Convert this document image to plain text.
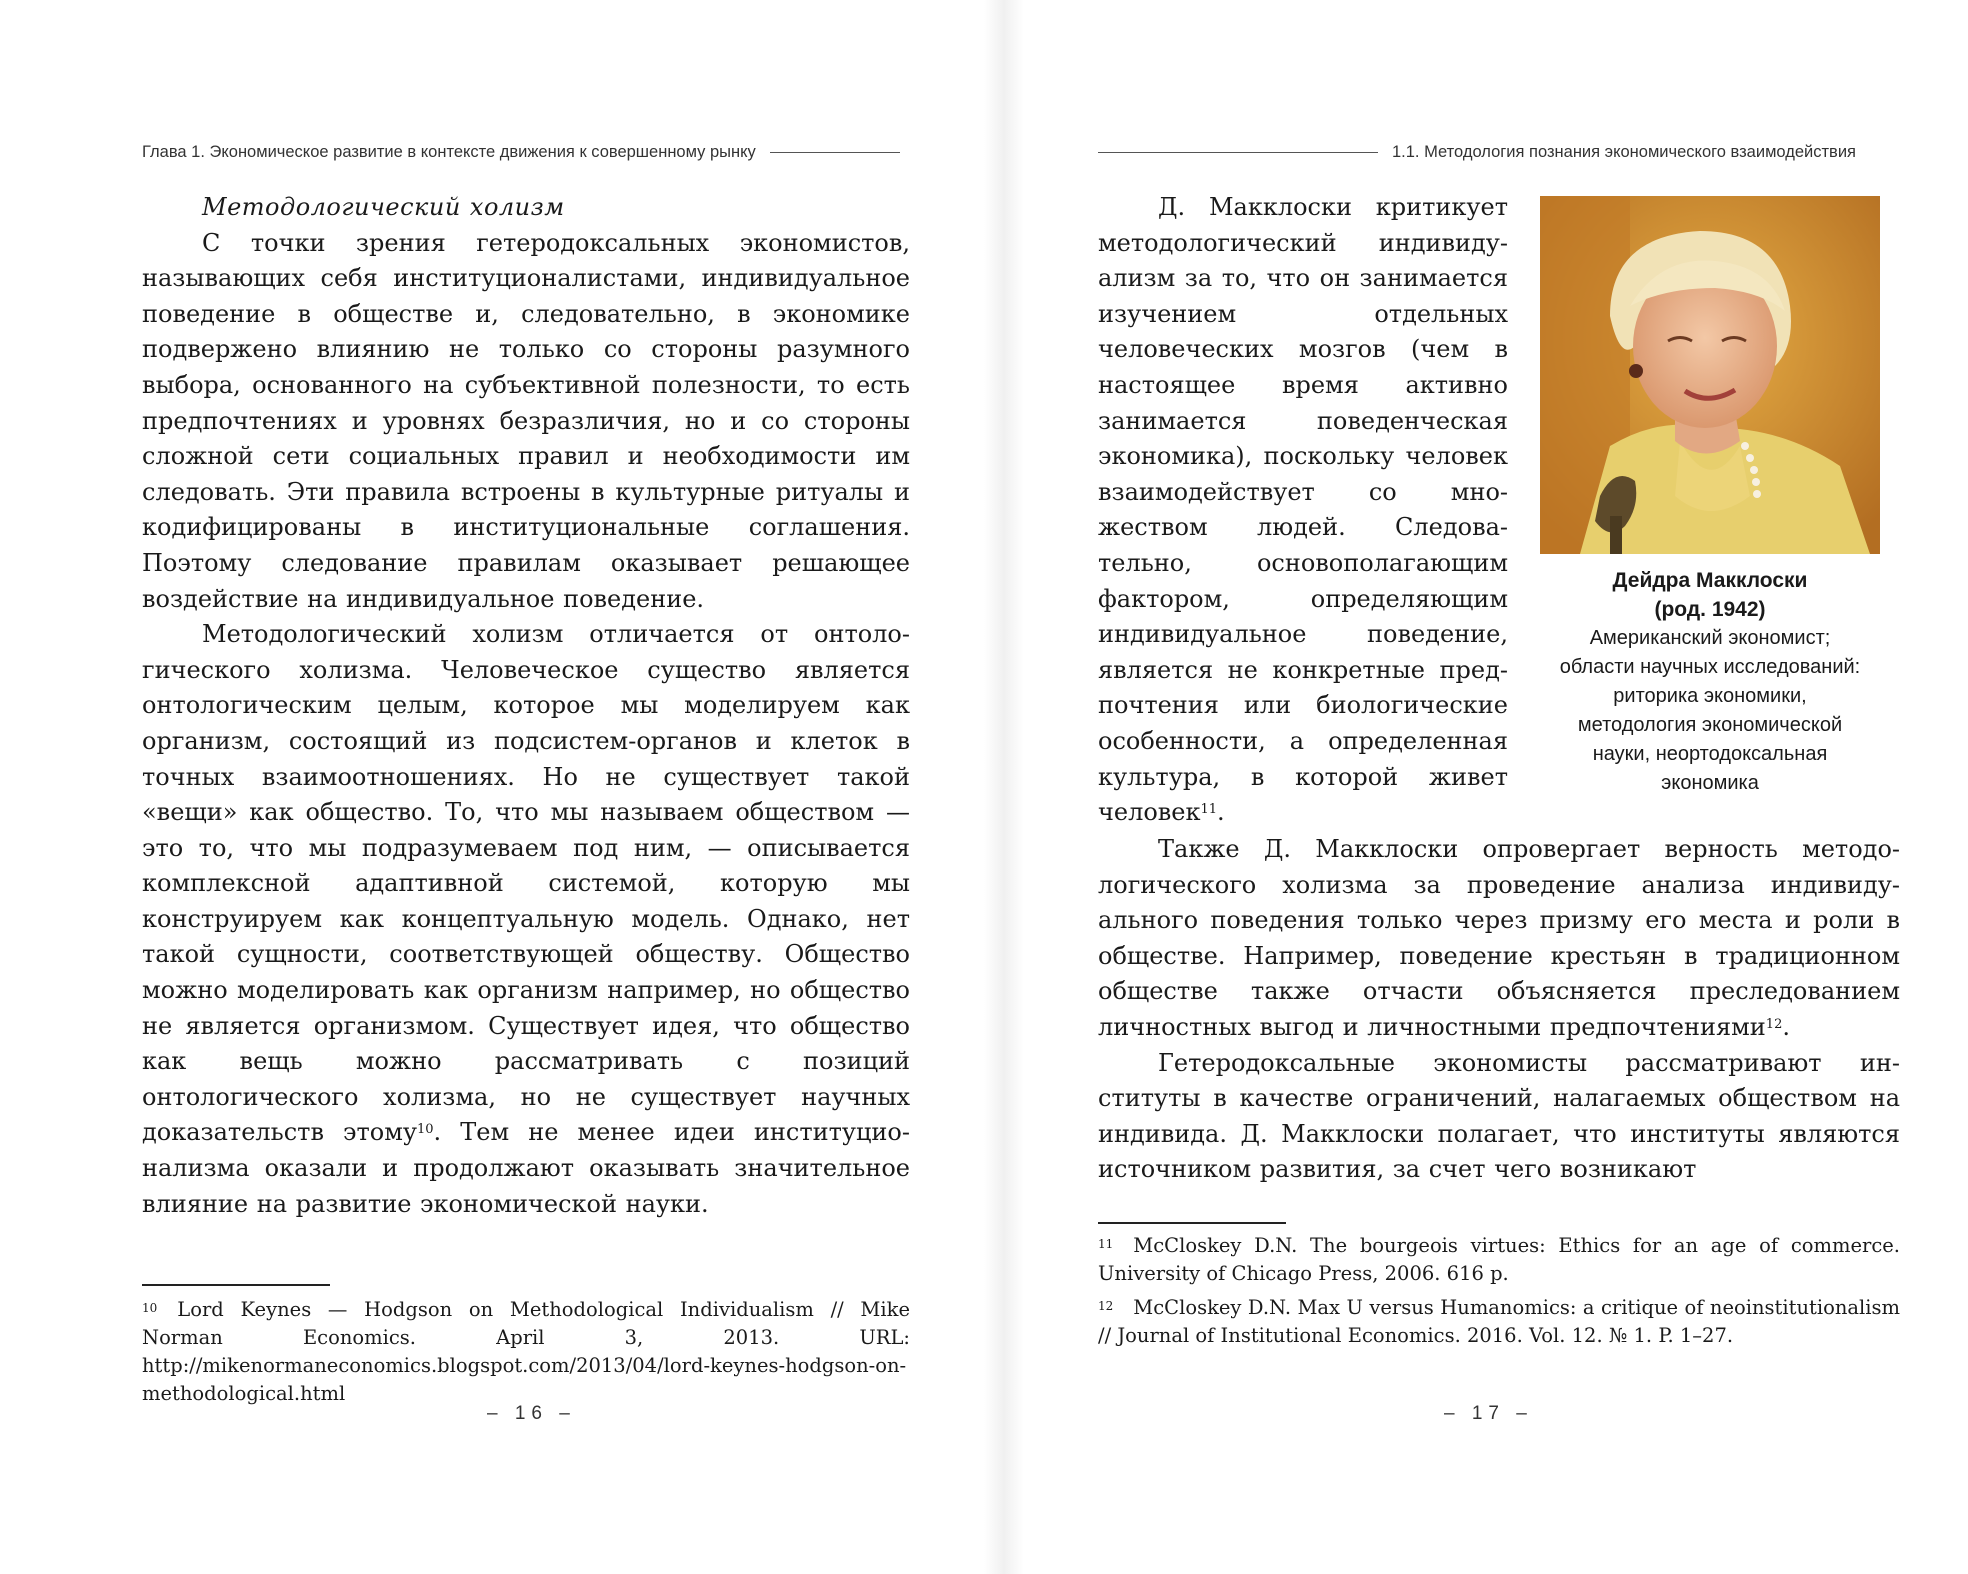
Глава 1. Экономическое развитие в контексте движения к совершенному рынку

Методологический холизм

С точки зрения гетеродоксальных экономистов, называющих себя институционалистами, индивидуальное поведение в обществе и, следовательно, в экономике подвержено влиянию не только со стороны разумного выбора, основанного на субъективной полезности, то есть предпочтениях и уровнях безразличия, но и со стороны сложной сети социальных правил и необходимости им следовать. Эти правила встроены в культурные ритуалы и кодифицированы в институциональные соглашения. Поэтому следование правилам оказывает решающее воздействие на индивидуальное поведение.

Методологический холизм отличается от онтологического холизма. Человеческое существо является онтологическим целым, которое мы моделируем как организм, состоящий из подсистем-органов и клеток в точных взаимоотношениях. Но не существует такой «вещи» как общество. То, что мы называем обществом — это то, что мы подразумеваем под ним, — описывается комплексной адаптивной системой, которую мы конструируем как концептуальную модель. Однако, нет такой сущности, соответствующей обществу. Общество можно моделировать как организм например, но общество не является организмом. Существует идея, что общество как вещь можно рассматривать с позиций онтологического холизма, но не существует научных доказательств этому$^{10}$. Тем не менее идеи институционализма оказали и продолжают оказывать значительное влияние на развитие экономической науки.

$^{10}$ Lord Keynes — Hodgson on Methodological Individualism // Mike Norman Economics. April 3, 2013. URL: http://mikenormaneconomics.blogspot.com/2013/04/lord-keynes-hodgson-on-methodological.html

– 16 –
1.1. Методология познания экономического взаимодействия

Д. Макклоски критикует методологический индивидуализм за то, что он занимается изучением отдельных человеческих мозгов (чем в настоящее время активно занимается поведенческая экономика), поскольку человек взаимодействует со множеством людей. Следовательно, основополагающим фактором, определяющим индивидуальное поведение, является не конкретные предпочтения или биологические особенности, а определенная культура, в которой живет человек$^{11}$.

Дейдра Макклоски
(род. 1942)
Американский экономист;
области научных исследований:
риторика экономики,
методология экономической
науки, неортодоксальная
экономика

Также Д. Макклоски опровергает верность методологического холизма за проведение анализа индивидуального поведения только через призму его места и роли в обществе. Например, поведение крестьян в традиционном обществе также отчасти объясняется преследованием личностных выгод и личностными предпочтениями$^{12}$.

Гетеродоксальные экономисты рассматривают институты в качестве ограничений, налагаемых обществом на индивида. Д. Макклоски полагает, что институты являются источником развития, за счет чего возникают

$^{11}$ McCloskey D.N. The bourgeois virtues: Ethics for an age of commerce. University of Chicago Press, 2006. 616 p.

$^{12}$ McCloskey D.N. Max U versus Humanomics: a critique of neoinstitutionalism // Journal of Institutional Economics. 2016. Vol. 12. № 1. P. 1–27.

– 17 –
